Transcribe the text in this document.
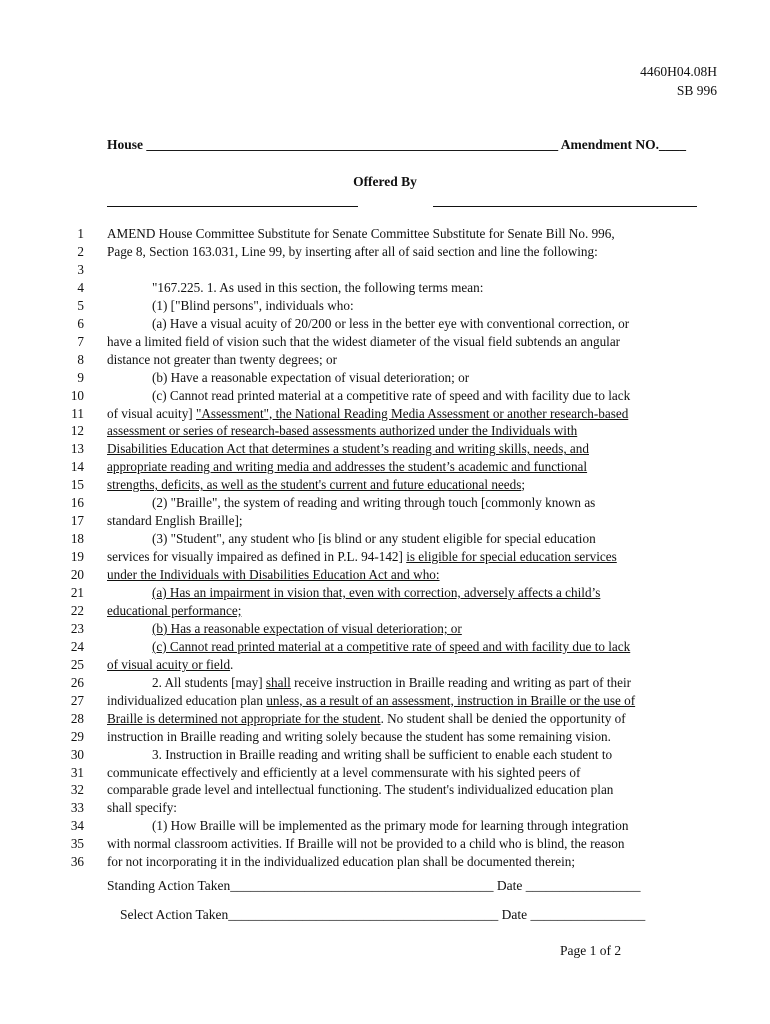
4460H04.08H
SB 996
House _____________________________________________________________ Amendment NO.____
Offered By
1 AMEND House Committee Substitute for Senate Committee Substitute for Senate Bill No. 996,
2 Page 8, Section 163.031, Line 99, by inserting after all of said section and line the following:
3
4	"167.225. 1. As used in this section, the following terms mean:
5	(1) ["Blind persons", individuals who:
6	(a) Have a visual acuity of 20/200 or less in the better eye with conventional correction, or
7 have a limited field of vision such that the widest diameter of the visual field subtends an angular
8 distance not greater than twenty degrees; or
9	(b) Have a reasonable expectation of visual deterioration; or
10	(c) Cannot read printed material at a competitive rate of speed and with facility due to lack
11 of visual acuity] "Assessment", the National Reading Media Assessment or another research-based
12 assessment or series of research-based assessments authorized under the Individuals with
13 Disabilities Education Act that determines a student’s reading and writing skills, needs, and
14 appropriate reading and writing media and addresses the student’s academic and functional
15 strengths, deficits, as well as the student's current and future educational needs;
16	(2) "Braille", the system of reading and writing through touch [commonly known as
17 standard English Braille];
18	(3) "Student", any student who [is blind or any student eligible for special education
19 services for visually impaired as defined in P.L. 94-142] is eligible for special education services
20 under the Individuals with Disabilities Education Act and who:
21	(a) Has an impairment in vision that, even with correction, adversely affects a child’s
22 educational performance;
23	(b) Has a reasonable expectation of visual deterioration; or
24	(c) Cannot read printed material at a competitive rate of speed and with facility due to lack
25 of visual acuity or field.
26	2. All students [may] shall receive instruction in Braille reading and writing as part of their
27 individualized education plan unless, as a result of an assessment, instruction in Braille or the use of
28 Braille is determined not appropriate for the student. No student shall be denied the opportunity of
29 instruction in Braille reading and writing solely because the student has some remaining vision.
30	3. Instruction in Braille reading and writing shall be sufficient to enable each student to
31 communicate effectively and efficiently at a level commensurate with his sighted peers of
32 comparable grade level and intellectual functioning. The student's individualized education plan
33 shall specify:
34	(1) How Braille will be implemented as the primary mode for learning through integration
35 with normal classroom activities. If Braille will not be provided to a child who is blind, the reason
36 for not incorporating it in the individualized education plan shall be documented therein;
Standing Action Taken_______________________________________ Date _________________
Select Action Taken________________________________________ Date _________________
Page 1 of 2
